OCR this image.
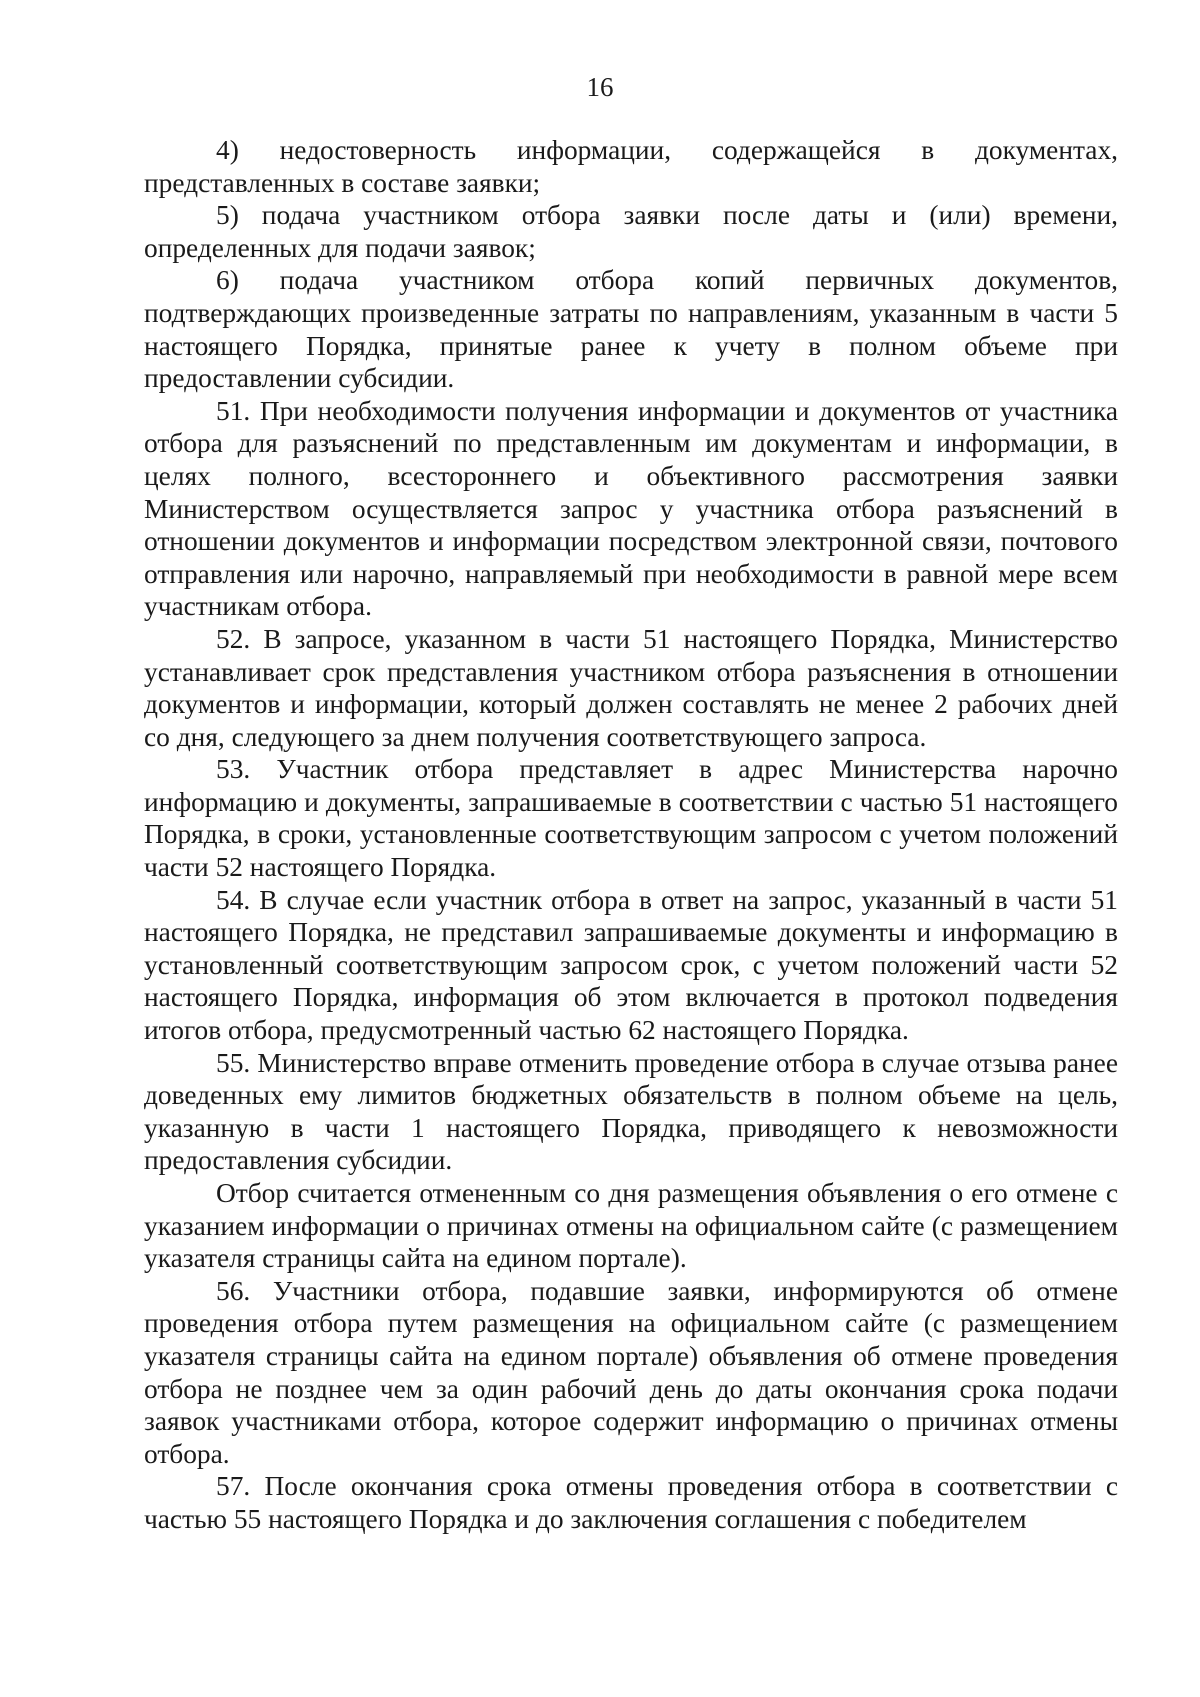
16

4) недостоверность информации, содержащейся в документах, представленных в составе заявки;

5) подача участником отбора заявки после даты и (или) времени, определенных для подачи заявок;

6) подача участником отбора копий первичных документов, подтверждающих произведенные затраты по направлениям, указанным в части 5 настоящего Порядка, принятые ранее к учету в полном объеме при предоставлении субсидии.

51. При необходимости получения информации и документов от участника отбора для разъяснений по представленным им документам и информации, в целях полного, всестороннего и объективного рассмотрения заявки Министерством осуществляется запрос у участника отбора разъяснений в отношении документов и информации посредством электронной связи, почтового отправления или нарочно, направляемый при необходимости в равной мере всем участникам отбора.

52. В запросе, указанном в части 51 настоящего Порядка, Министерство устанавливает срок представления участником отбора разъяснения в отношении документов и информации, который должен составлять не менее 2 рабочих дней со дня, следующего за днем получения соответствующего запроса.

53. Участник отбора представляет в адрес Министерства нарочно информацию и документы, запрашиваемые в соответствии с частью 51 настоящего Порядка, в сроки, установленные соответствующим запросом с учетом положений части 52 настоящего Порядка.

54. В случае если участник отбора в ответ на запрос, указанный в части 51 настоящего Порядка, не представил запрашиваемые документы и информацию в установленный соответствующим запросом срок, с учетом положений части 52 настоящего Порядка, информация об этом включается в протокол подведения итогов отбора, предусмотренный частью 62 настоящего Порядка.

55. Министерство вправе отменить проведение отбора в случае отзыва ранее доведенных ему лимитов бюджетных обязательств в полном объеме на цель, указанную в части 1 настоящего Порядка, приводящего к невозможности предоставления субсидии.

Отбор считается отмененным со дня размещения объявления о его отмене с указанием информации о причинах отмены на официальном сайте (с размещением указателя страницы сайта на едином портале).

56. Участники отбора, подавшие заявки, информируются об отмене проведения отбора путем размещения на официальном сайте (с размещением указателя страницы сайта на едином портале) объявления об отмене проведения отбора не позднее чем за один рабочий день до даты окончания срока подачи заявок участниками отбора, которое содержит информацию о причинах отмены отбора.

57. После окончания срока отмены проведения отбора в соответствии с частью 55 настоящего Порядка и до заключения соглашения с победителем
